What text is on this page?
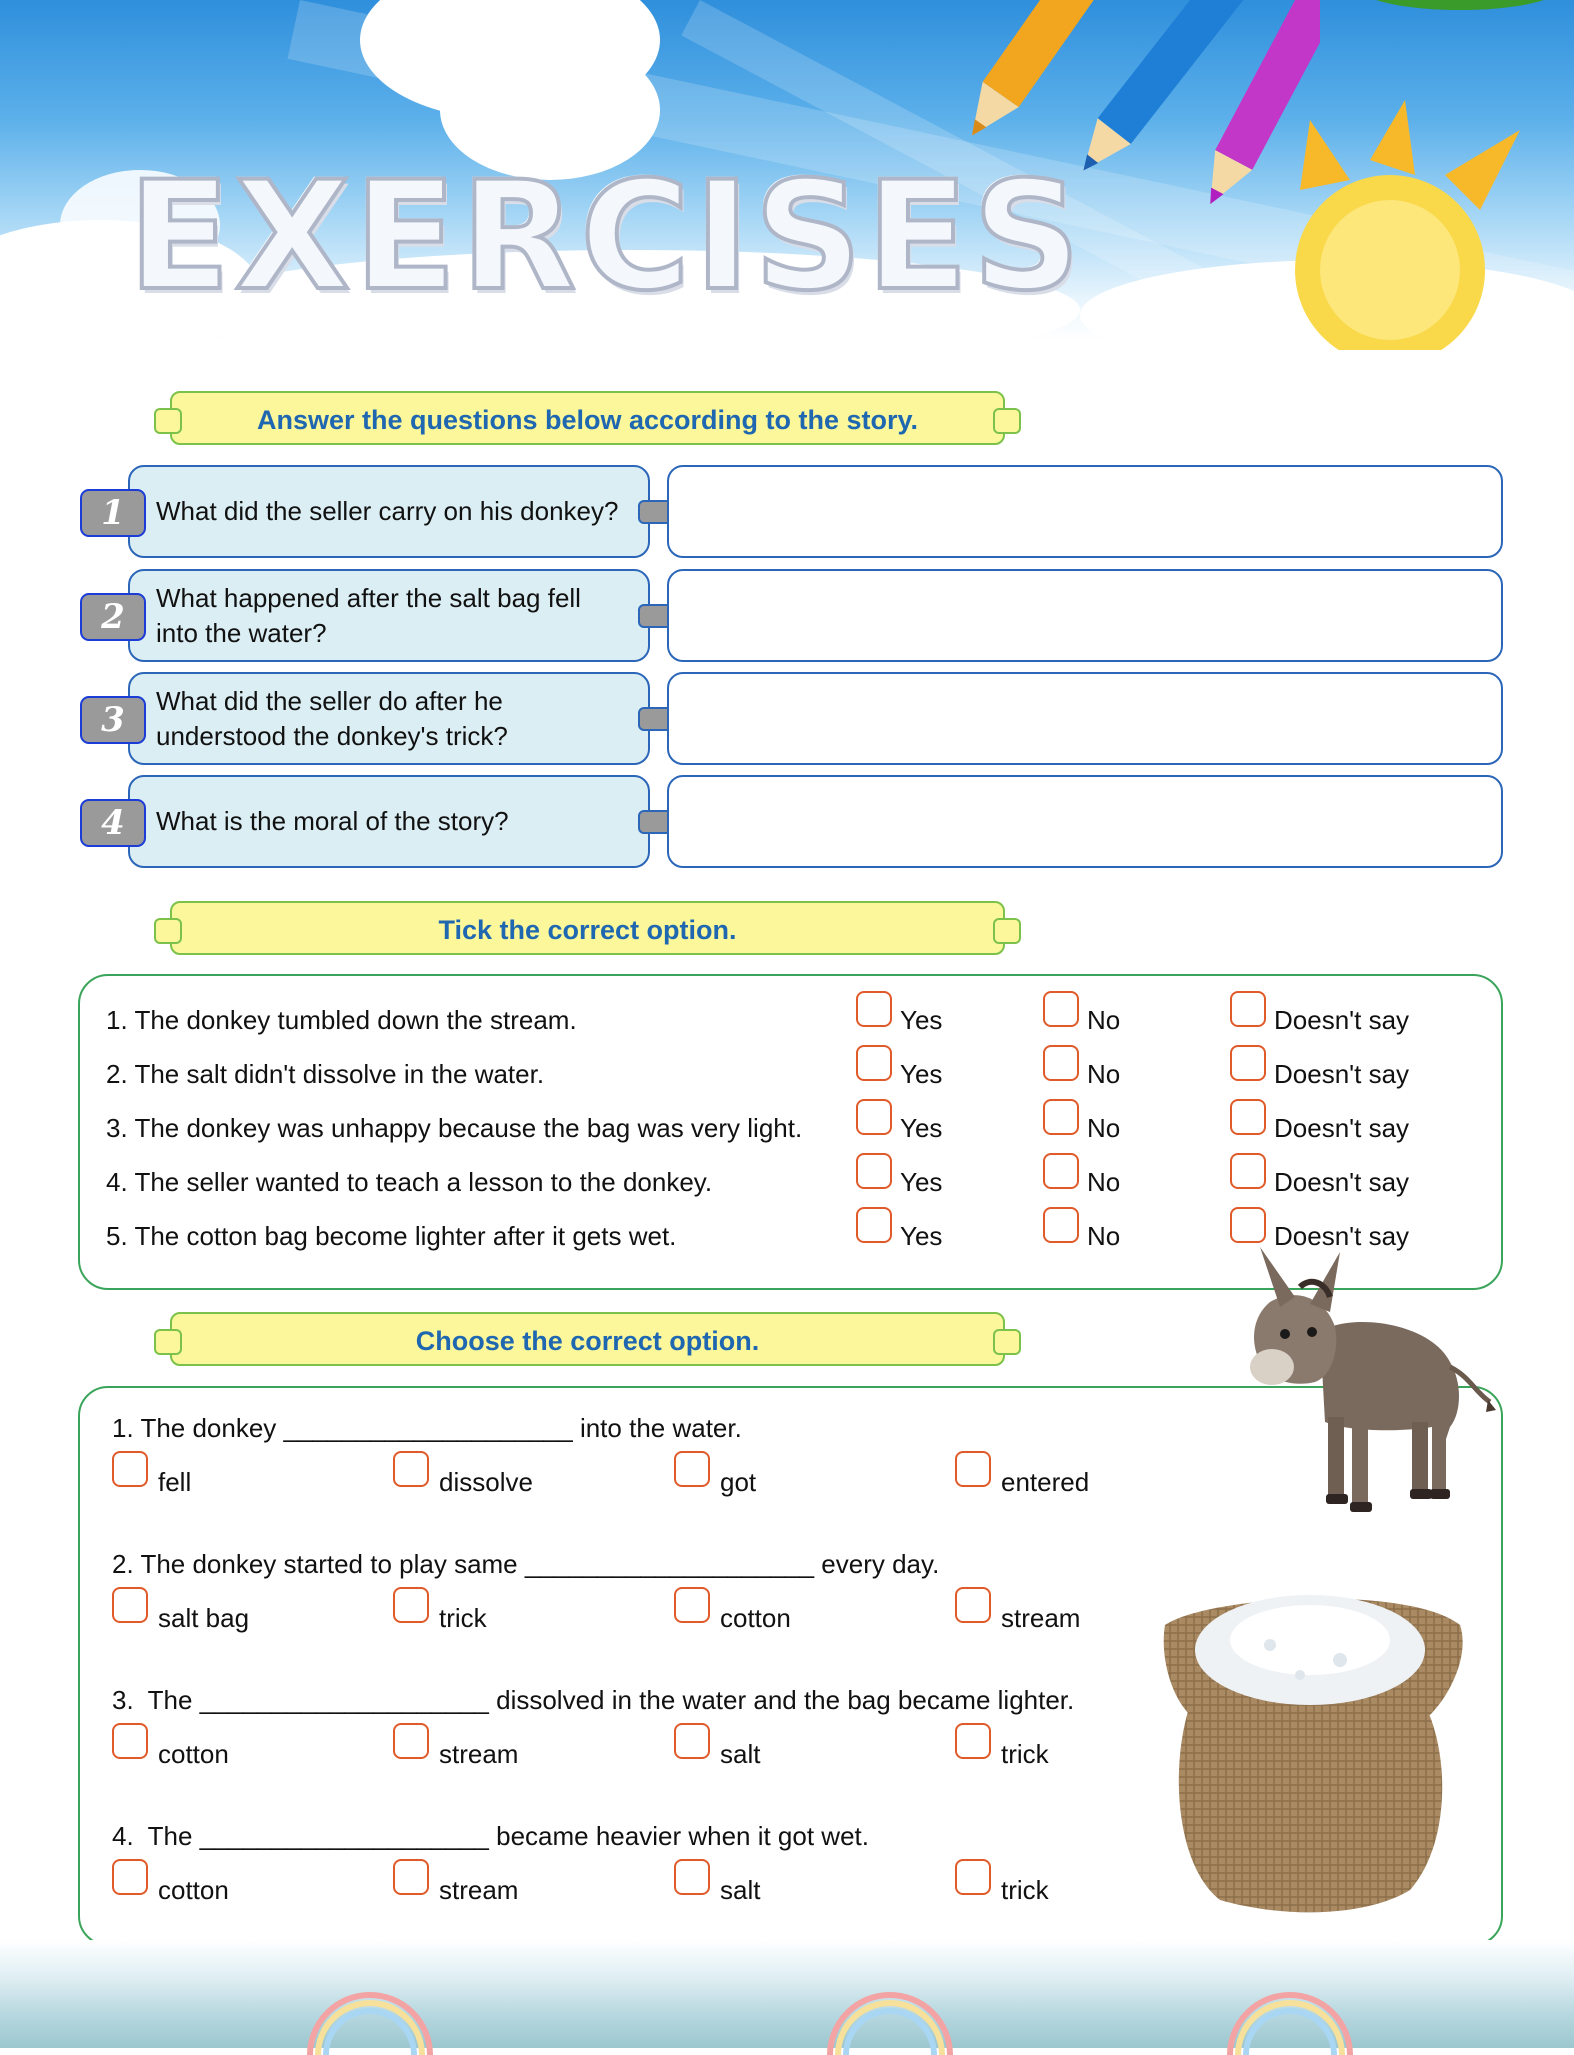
EXERCISES
Answer the questions below according to the story.
What did the seller carry on his donkey?
1
What happened after the salt bag fell into the water?
2
What did the seller do after he understood the donkey's trick?
3
What is the moral of the story?
4
Tick the correct option.
Choose the correct option.
1. The donkey ____________________ into the water.
fell	dissolve	got	entered
2. The donkey started to play same ____________________ every day.
salt bag	trick	cotton	stream
3.  The ____________________ dissolved in the water and the bag became lighter.
cotton	stream	salt	trick
4.  The ____________________ became heavier when it got wet.
cotton	stream	salt	trick
1. The donkey tumbled down the stream.	Yes	No	Doesn't say
2. The salt didn't dissolve in the water.	Yes	No	Doesn't say
3. The donkey was unhappy because the bag was very light.	Yes	No	Doesn't say
4. The seller wanted to teach a lesson to the donkey.	Yes	No	Doesn't say
5. The cotton bag become lighter after it gets wet.	Yes	No	Doesn't say
